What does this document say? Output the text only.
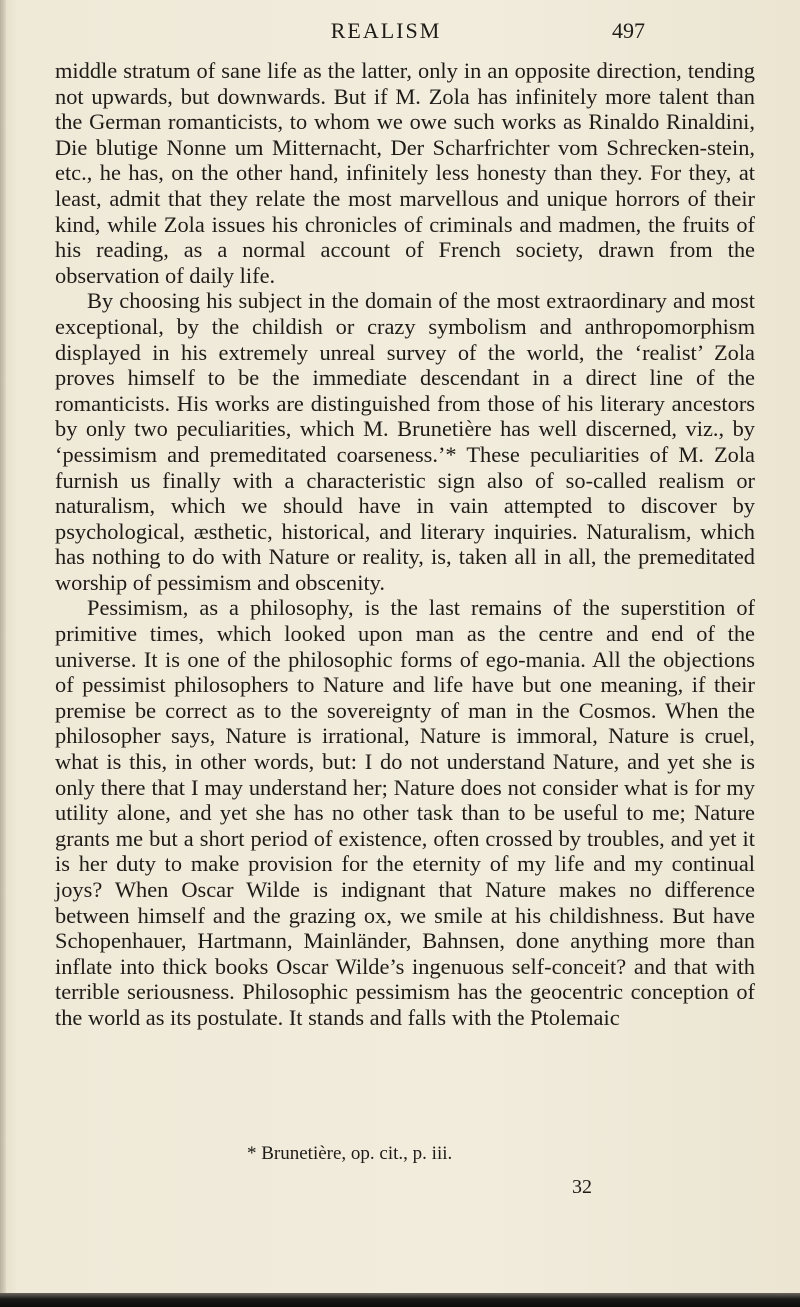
REALISM	497

middle stratum of sane life as the latter, only in an opposite direction, tending not upwards, but downwards. But if M. Zola has infinitely more talent than the German romanticists, to whom we owe such works as Rinaldo Rinaldini, Die blutige Nonne um Mitternacht, Der Scharfrichter vom Schrecken-stein, etc., he has, on the other hand, infinitely less honesty than they. For they, at least, admit that they relate the most marvellous and unique horrors of their kind, while Zola issues his chronicles of criminals and madmen, the fruits of his reading, as a normal account of French society, drawn from the observation of daily life.

By choosing his subject in the domain of the most extraordinary and most exceptional, by the childish or crazy symbolism and anthropomorphism displayed in his extremely unreal survey of the world, the ‘realist’ Zola proves himself to be the immediate descendant in a direct line of the romanticists. His works are distinguished from those of his literary ancestors by only two peculiarities, which M. Brunetière has well discerned, viz., by ‘pessimism and premeditated coarseness.’* These peculiarities of M. Zola furnish us finally with a characteristic sign also of so-called realism or naturalism, which we should have in vain attempted to discover by psychological, æsthetic, historical, and literary inquiries. Naturalism, which has nothing to do with Nature or reality, is, taken all in all, the premeditated worship of pessimism and obscenity.

Pessimism, as a philosophy, is the last remains of the superstition of primitive times, which looked upon man as the centre and end of the universe. It is one of the philosophic forms of ego-mania. All the objections of pessimist philosophers to Nature and life have but one meaning, if their premise be correct as to the sovereignty of man in the Cosmos. When the philosopher says, Nature is irrational, Nature is immoral, Nature is cruel, what is this, in other words, but: I do not understand Nature, and yet she is only there that I may understand her; Nature does not consider what is for my utility alone, and yet she has no other task than to be useful to me; Nature grants me but a short period of existence, often crossed by troubles, and yet it is her duty to make provision for the eternity of my life and my continual joys? When Oscar Wilde is indignant that Nature makes no difference between himself and the grazing ox, we smile at his childishness. But have Schopenhauer, Hartmann, Mainländer, Bahnsen, done anything more than inflate into thick books Oscar Wilde’s ingenuous self-conceit? and that with terrible seriousness. Philosophic pessimism has the geocentric conception of the world as its postulate. It stands and falls with the Ptolemaic

* Brunetière, op. cit., p. iii.
32
